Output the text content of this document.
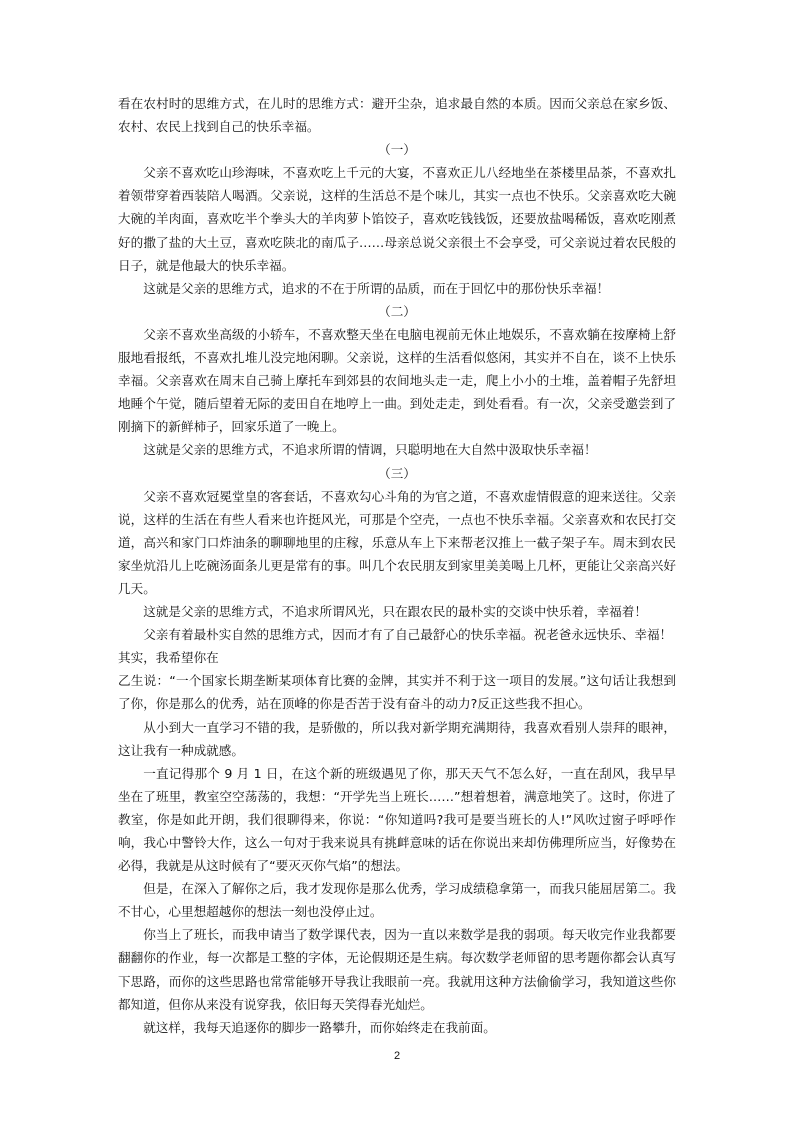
看在农村时的思维方式，在儿时的思维方式：避开尘杂，追求最自然的本质。因而父亲总在家乡饭、农村、农民上找到自己的快乐幸福。

（一）

父亲不喜欢吃山珍海味，不喜欢吃上千元的大宴，不喜欢正儿八经地坐在茶楼里品茶，不喜欢扎着领带穿着西装陪人喝酒。父亲说，这样的生活总不是个味儿，其实一点也不快乐。父亲喜欢吃大碗大碗的羊肉面，喜欢吃半个拳头大的羊肉萝卜馅饺子，喜欢吃钱钱饭，还要放盐喝稀饭，喜欢吃刚煮好的撒了盐的大土豆，喜欢吃陕北的南瓜子……母亲总说父亲很土不会享受，可父亲说过着农民般的日子，就是他最大的快乐幸福。

这就是父亲的思维方式，追求的不在于所谓的品质，而在于回忆中的那份快乐幸福！

（二）

父亲不喜欢坐高级的小轿车，不喜欢整天坐在电脑电视前无休止地娱乐，不喜欢躺在按摩椅上舒服地看报纸，不喜欢扎堆儿没完地闲聊。父亲说，这样的生活看似悠闲，其实并不自在，谈不上快乐幸福。父亲喜欢在周末自己骑上摩托车到郊县的农间地头走一走，爬上小小的土堆，盖着帽子先舒坦地睡个午觉，随后望着无际的麦田自在地哼上一曲。到处走走，到处看看。有一次，父亲受邀尝到了刚摘下的新鲜柿子，回家乐道了一晚上。

这就是父亲的思维方式，不追求所谓的情调，只聪明地在大自然中汲取快乐幸福！

（三）

父亲不喜欢冠冕堂皇的客套话，不喜欢勾心斗角的为官之道，不喜欢虚情假意的迎来送往。父亲说，这样的生活在有些人看来也许挺风光，可那是个空壳，一点也不快乐幸福。父亲喜欢和农民打交道，高兴和家门口炸油条的聊聊地里的庄稼，乐意从车上下来帮老汉推上一截子架子车。周末到农民家坐炕沿儿上吃碗汤面条儿更是常有的事。叫几个农民朋友到家里美美喝上几杯，更能让父亲高兴好几天。

这就是父亲的思维方式，不追求所谓风光，只在跟农民的最朴实的交谈中快乐着，幸福着！

父亲有着最朴实自然的思维方式，因而才有了自己最舒心的快乐幸福。祝老爸永远快乐、幸福！

其实，我希望你在

乙生说：“一个国家长期垄断某项体育比赛的金牌，其实并不利于这一项目的发展。”这句话让我想到了你，你是那么的优秀，站在顶峰的你是否苦于没有奋斗的动力?反正这些我不担心。

从小到大一直学习不错的我，是骄傲的，所以我对新学期充满期待，我喜欢看别人崇拜的眼神，这让我有一种成就感。

一直记得那个 9 月 1 日，在这个新的班级遇见了你，那天天气不怎么好，一直在刮风，我早早坐在了班里，教室空空荡荡的，我想：“开学先当上班长……”想着想着，满意地笑了。这时，你进了教室，你是如此开朗，我们很聊得来，你说：“你知道吗?我可是要当班长的人!”风吹过窗子呼呼作响，我心中警铃大作，这么一句对于我来说具有挑衅意味的话在你说出来却仿佛理所应当，好像势在必得，我就是从这时候有了“要灭灭你气焰”的想法。

但是，在深入了解你之后，我才发现你是那么优秀，学习成绩稳拿第一，而我只能屈居第二。我不甘心，心里想超越你的想法一刻也没停止过。

你当上了班长，而我申请当了数学课代表，因为一直以来数学是我的弱项。每天收完作业我都要翻翻你的作业，每一次都是工整的字体，无论假期还是生病。每次数学老师留的思考题你都会认真写下思路，而你的这些思路也常常能够开导我让我眼前一亮。我就用这种方法偷偷学习，我知道这些你都知道，但你从来没有说穿我，依旧每天笑得春光灿烂。

就这样，我每天追逐你的脚步一路攀升，而你始终走在我前面。

2
